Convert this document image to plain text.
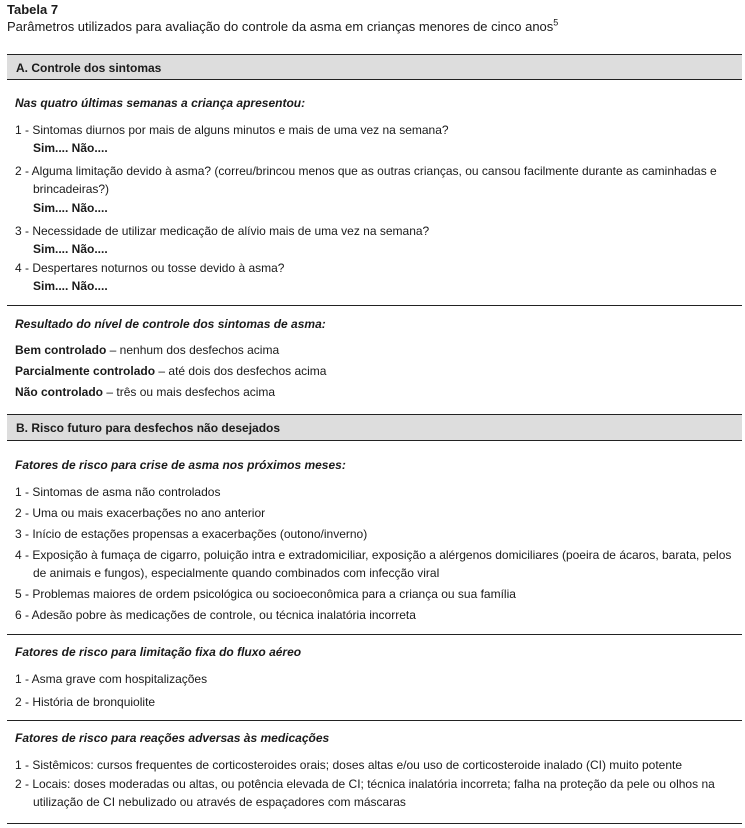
Tabela 7
Parâmetros utilizados para avaliação do controle da asma em crianças menores de cinco anos$^5$
A. Controle dos sintomas
Nas quatro últimas semanas a criança apresentou:
1 - Sintomas diurnos por mais de alguns minutos e mais de uma vez na semana?
Sim.... Não....
2 - Alguma limitação devido à asma? (correu/brincou menos que as outras crianças, ou cansou facilmente durante as caminhadas e
brincadeiras?)
Sim.... Não....
3 - Necessidade de utilizar medicação de alívio mais de uma vez na semana?
Sim.... Não....
4 - Despertares noturnos ou tosse devido à asma?
Sim.... Não....
Resultado do nível de controle dos sintomas de asma:
Bem controlado – nenhum dos desfechos acima
Parcialmente controlado – até dois dos desfechos acima
Não controlado – três ou mais desfechos acima
B. Risco futuro para desfechos não desejados
Fatores de risco para crise de asma nos próximos meses:
1 - Sintomas de asma não controlados
2 - Uma ou mais exacerbações no ano anterior
3 - Início de estações propensas a exacerbações (outono/inverno)
4 - Exposição à fumaça de cigarro, poluição intra e extradomiciliar, exposição a alérgenos domiciliares (poeira de ácaros, barata, pelos
de animais e fungos), especialmente quando combinados com infecção viral
5 - Problemas maiores de ordem psicológica ou socioeconômica para a criança ou sua família
6 - Adesão pobre às medicações de controle, ou técnica inalatória incorreta
Fatores de risco para limitação fixa do fluxo aéreo
1 - Asma grave com hospitalizações
2 - História de bronquiolite
Fatores de risco para reações adversas às medicações
1 - Sistêmicos: cursos frequentes de corticosteroides orais; doses altas e/ou uso de corticosteroide inalado (CI) muito potente
2 - Locais: doses moderadas ou altas, ou potência elevada de CI; técnica inalatória incorreta; falha na proteção da pele ou olhos na
utilização de CI nebulizado ou através de espaçadores com máscaras
